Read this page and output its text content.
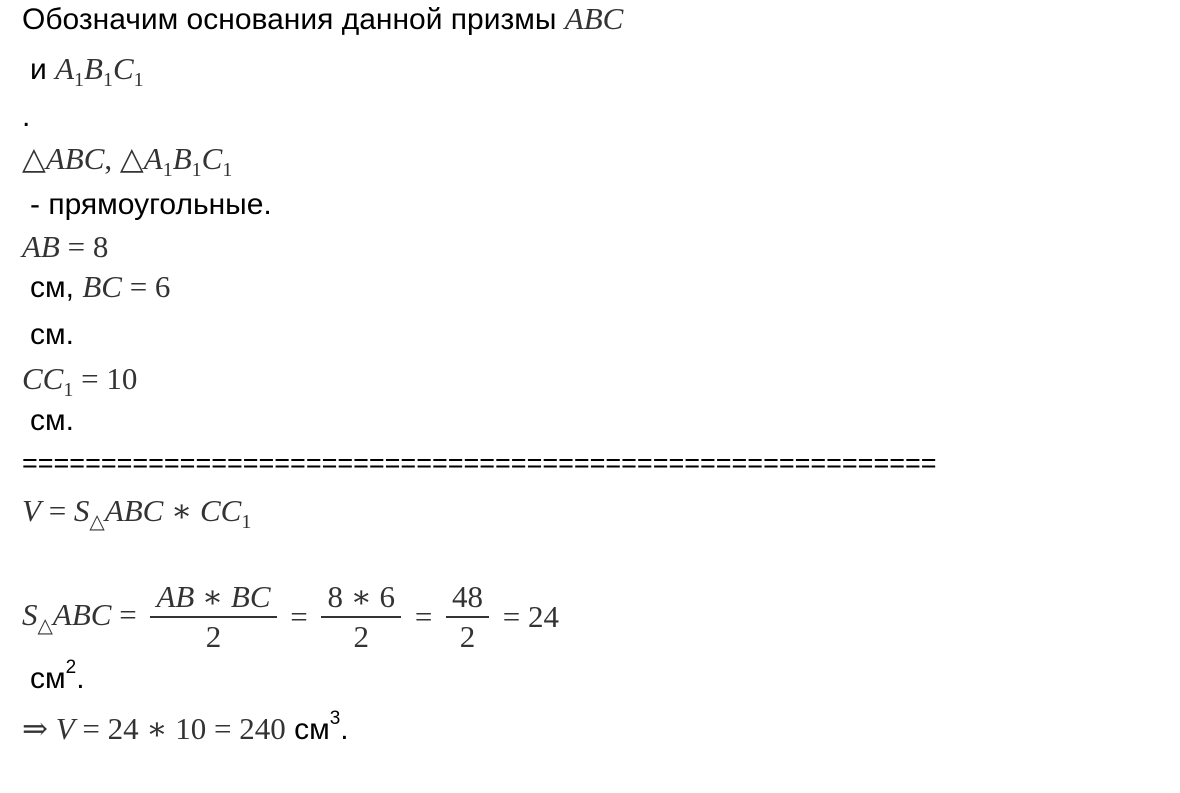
Обозначим основания данной призмы ABC
и $A_1B_1C_1$
.
△ABC, $\triangle A_1B_1C_1$
- прямоугольные.
AB = 8
см, BC = 6
см.
$CC_1 = 10$
см.
==========================================================
$V = S_\triangle ABC$ ∗ $CC_1$
$S_\triangle ABC = \frac{AB ∗ BC}{2} = \frac{8 ∗ 6}{2} = \frac{48}{2} = 24$
$см^2$.
⇒ V = 24 ∗ 10 = 240 $см^3$.
